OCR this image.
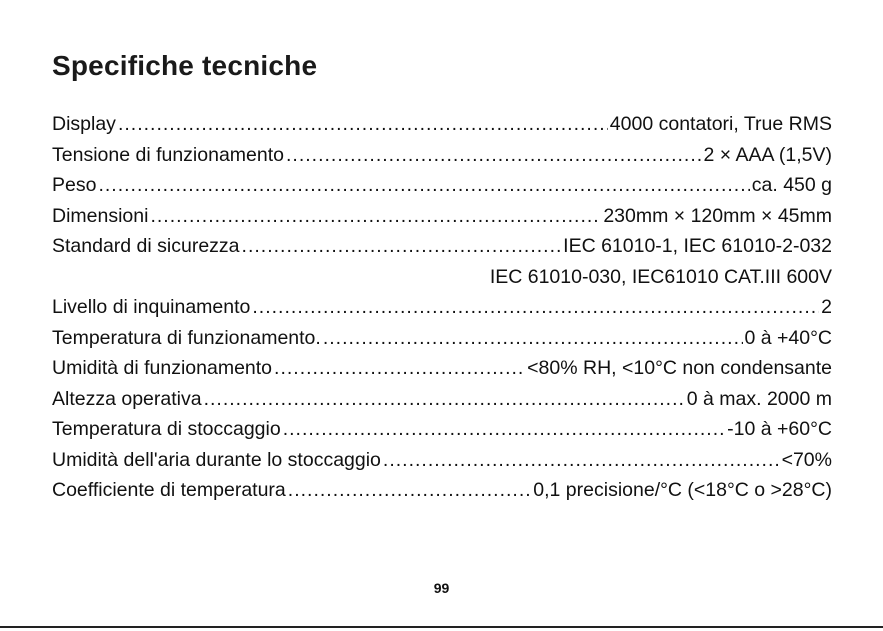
Specifiche tecniche
Display .....	4000 contatori, True RMS
Tensione di funzionamento .....	2 × AAA (1,5V)
Peso .....	ca. 450 g
Dimensioni .....	230mm × 120mm × 45mm
Standard di sicurezza .....	IEC 61010-1, IEC 61010-2-032
IEC 61010-030, IEC61010 CAT.III 600V
Livello di inquinamento .....	2
Temperatura di funzionamento. .....	0 à +40°C
Umidità di funzionamento .....	<80% RH, <10°C non condensante
Altezza operativa .....	0 à max. 2000 m
Temperatura di stoccaggio .....	-10 à +60°C
Umidità dell'aria durante lo stoccaggio .....	<70%
Coefficiente di temperatura .....	0,1 precisione/°C (<18°C o >28°C)
99
